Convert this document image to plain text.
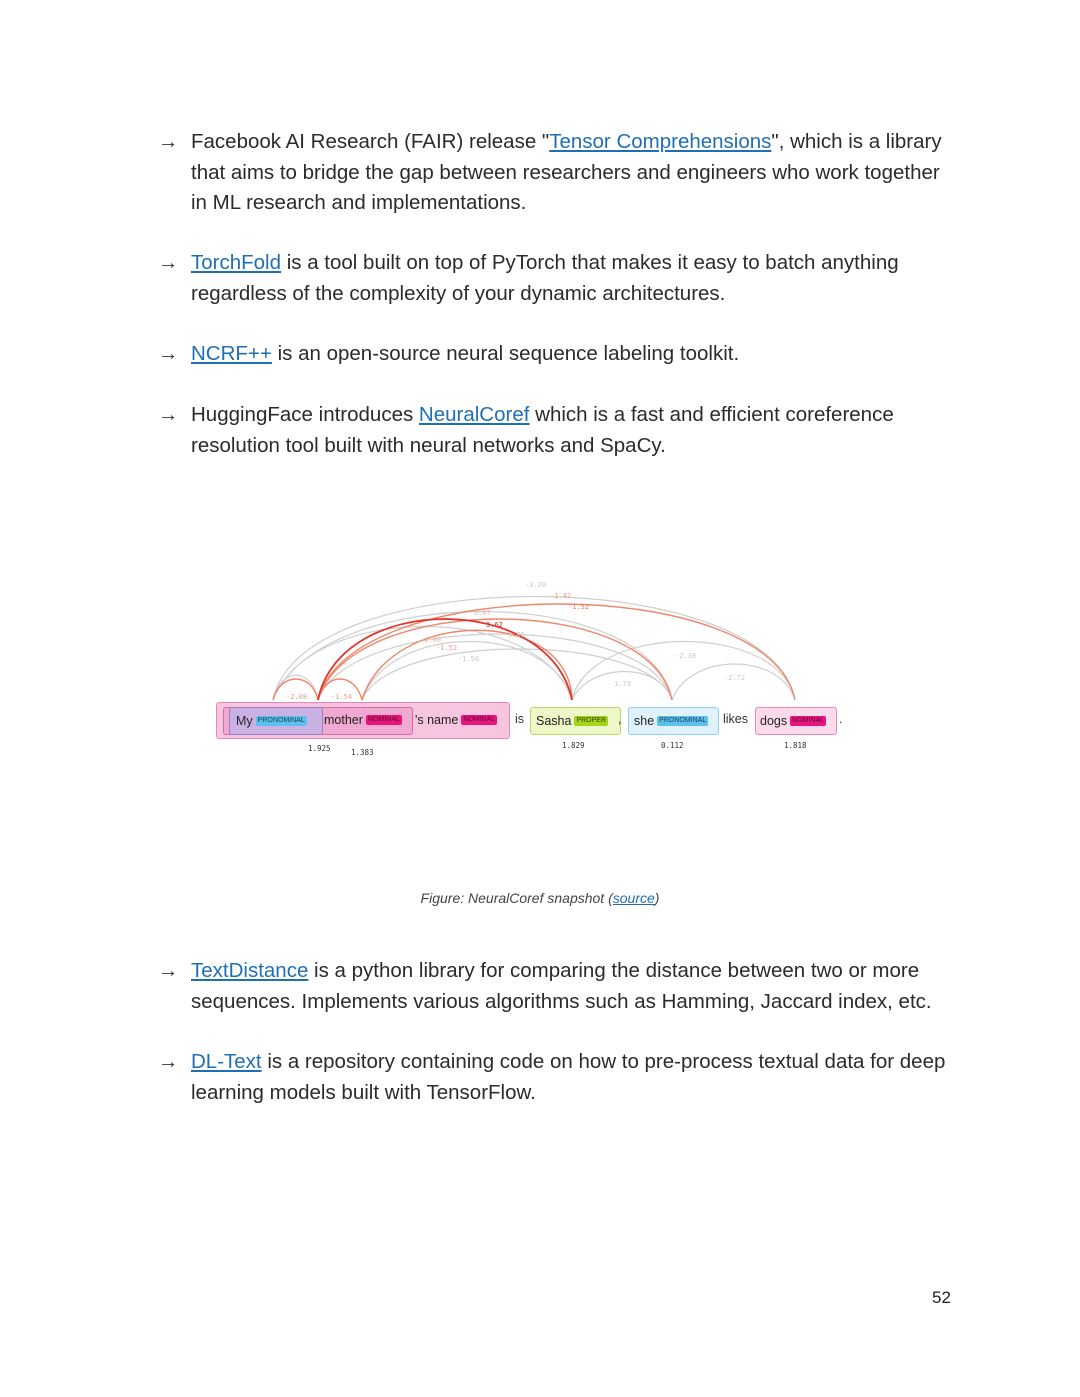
→ Facebook AI Research (FAIR) release "Tensor Comprehensions", which is a library that aims to bridge the gap between researchers and engineers who work together in ML research and implementations.
→ TorchFold is a tool built on top of PyTorch that makes it easy to batch anything regardless of the complexity of your dynamic architectures.
→ NCRF++ is an open-source neural sequence labeling toolkit.
→ HuggingFace introduces NeuralCoref which is a fast and efficient coreference resolution tool built with neural networks and SpaCy.
→ TextDistance is a python library for comparing the distance between two or more sequences. Implements various algorithms such as Hamming, Jaccard index, etc.
→ DL-Text is a repository containing code on how to pre-process textual data for deep learning models built with TensorFlow.
-3.20
-1.42
-1.52
3.62
1.89
-1.52
-1.50	-2.30
1.73
-2.72
-2.08	-1.54
0.67
-1.00
My PRONOMINAL	mother NOMINAL	's name NOMINAL	is Sasha PROPER ,	she PRONOMINAL	likes dogs NOMINAL	.
1.925	1.383
1.829	0.112	1.818
Figure: NeuralCoref snapshot (source)
52
